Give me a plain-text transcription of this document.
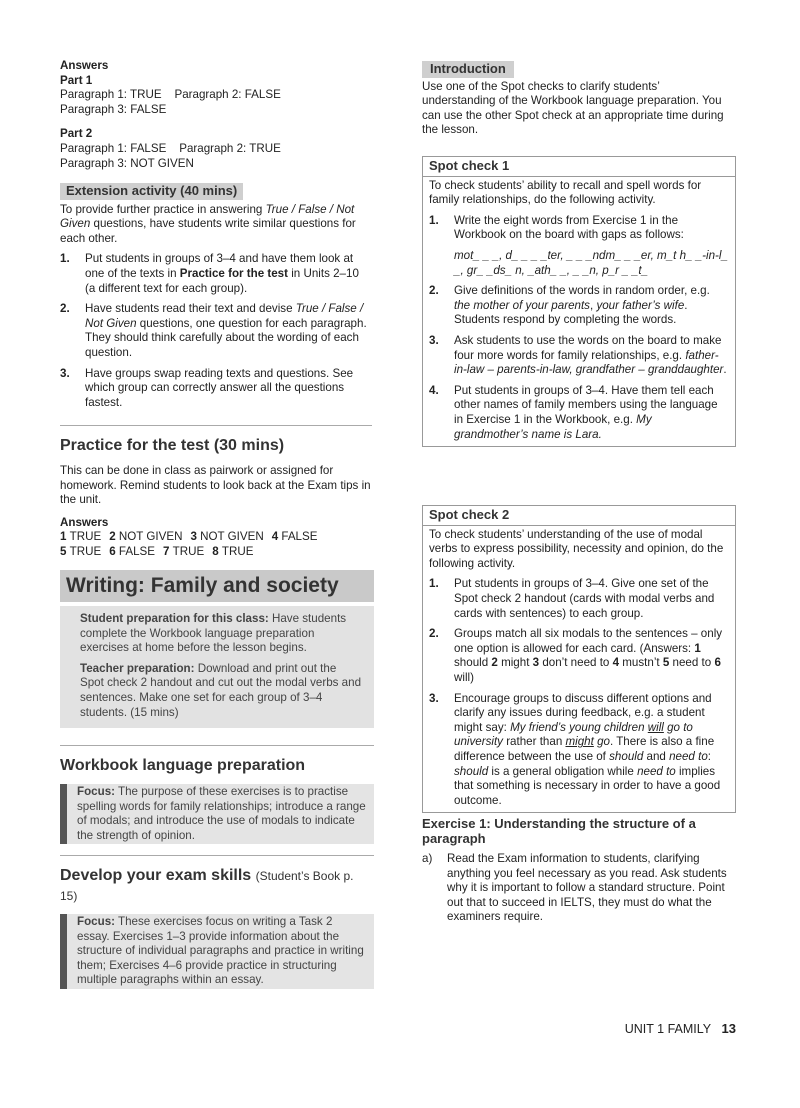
Answers
Part 1
Paragraph 1: TRUE    Paragraph 2: FALSE
Paragraph 3: FALSE
Part 2
Paragraph 1: FALSE    Paragraph 2: TRUE
Paragraph 3: NOT GIVEN
Extension activity (40 mins)
To provide further practice in answering True / False / Not Given questions, have students write similar questions for each other.
1.	Put students in groups of 3–4 and have them look at one of the texts in Practice for the test in Units 2–10 (a different text for each group).
2.	Have students read their text and devise True / False / Not Given questions, one question for each paragraph. They should think carefully about the wording of each question.
3.	Have groups swap reading texts and questions. See which group can correctly answer all the questions fastest.
Practice for the test (30 mins)
This can be done in class as pairwork or assigned for homework. Remind students to look back at the Exam tips in the unit.
Answers
1 TRUE 2 NOT GIVEN 3 NOT GIVEN 4 FALSE
5 TRUE 6 FALSE 7 TRUE 8 TRUE
Writing: Family and society
Student preparation for this class: Have students complete the Workbook language preparation exercises at home before the lesson begins.
Teacher preparation: Download and print out the Spot check 2 handout and cut out the modal verbs and sentences. Make one set for each group of 3–4 students. (15 mins)
Workbook language preparation
Focus: The purpose of these exercises is to practise spelling words for family relationships; introduce a range of modals; and introduce the use of modals to indicate the strength of opinion.
Develop your exam skills (Student’s Book p. 15)
Focus: These exercises focus on writing a Task 2 essay. Exercises 1–3 provide information about the structure of individual paragraphs and practice in writing them; Exercises 4–6 provide practice in structuring multiple paragraphs within an essay.
Introduction
Use one of the Spot checks to clarify students’ understanding of the Workbook language preparation. You can use the other Spot check at an appropriate time during the lesson.
Spot check 1
To check students’ ability to recall and spell words for family relationships, do the following activity.
1.	Write the eight words from Exercise 1 in the Workbook on the board with gaps as follows:
mot_ _ _, d_ _ _ _ter, _ _ _ndm_ _ _er, m_t h_ _-in-l_ _, gr_ _ds_ n, _ath_ _, _ _n, p_r _ _t_
2.	Give definitions of the words in random order, e.g. the mother of your parents, your father’s wife. Students respond by completing the words.
3.	Ask students to use the words on the board to make four more words for family relationships, e.g. father-in-law – parents-in-law, grandfather – granddaughter.
4.	Put students in groups of 3–4. Have them tell each other names of family members using the language in Exercise 1 in the Workbook, e.g. My grandmother’s name is Lara.
Spot check 2
To check students’ understanding of the use of modal verbs to express possibility, necessity and opinion, do the following activity.
1.	Put students in groups of 3–4. Give one set of the Spot check 2 handout (cards with modal verbs and cards with sentences) to each group.
2.	Groups match all six modals to the sentences – only one option is allowed for each card. (Answers: 1 should 2 might 3 don’t need to 4 mustn’t 5 need to 6 will)
3.	Encourage groups to discuss different options and clarify any issues during feedback, e.g. a student might say: My friend’s young children will go to university rather than might go. There is also a fine difference between the use of should and need to: should is a general obligation while need to implies that something is necessary in order to have a good outcome.
Exercise 1: Understanding the structure of a paragraph
a)	Read the Exam information to students, clarifying anything you feel necessary as you read. Ask students why it is important to follow a standard structure. Point out that to succeed in IELTS, they must do what the examiners require.
UNIT 1 FAMILY 13
